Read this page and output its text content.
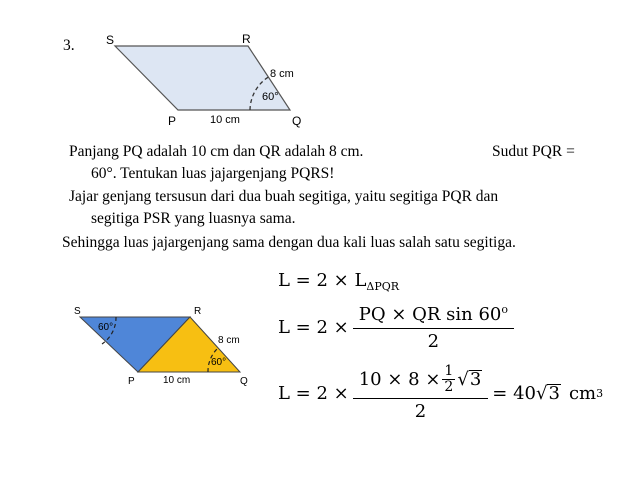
3.	S	R
P	Q
8 cm
10 cm
60°
Panjang PQ adalah 10 cm dan QR adalah 8 cm.	Sudut PQR =
60°. Tentukan luas jajargenjang PQRS!
Jajar genjang tersusun dari dua buah segitiga, yaitu segitiga PQR dan
segitiga PSR yang luasnya sama.
Sehingga luas jajargenjang sama dengan dua kali luas salah satu segitiga.
S	R
P	Q
8 cm
10 cm
60°
60°
$L = 2 \times L_{\Delta PQR}$
$L = 2 \times \frac{PQ \times QR \sin 60^o}{2}$
$L = 2 \times \frac{10 \times 8 \times \frac{1}{2} √ 3}{2} = 40$ √ 3 cm 3
